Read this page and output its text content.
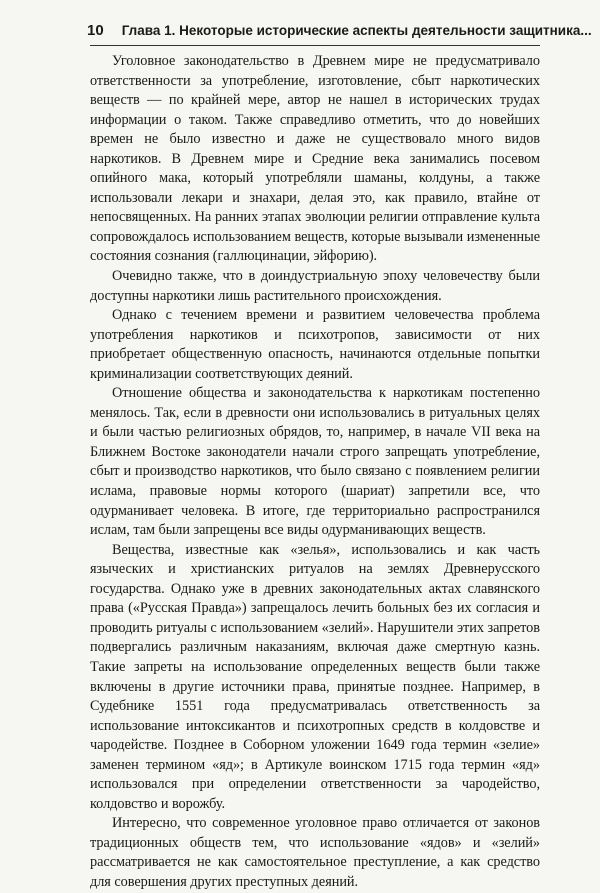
10 Глава 1. Некоторые исторические аспекты деятельности защитника...

Уголовное законодательство в Древнем мире не предусматривало ответственности за употребление, изготовление, сбыт наркотических веществ — по крайней мере, автор не нашел в исторических трудах информации о таком. Также справедливо отметить, что до новейших времен не было известно и даже не существовало много видов наркотиков. В Древнем мире и Средние века занимались посевом опийного мака, который употребляли шаманы, колдуны, а также использовали лекари и знахари, делая это, как правило, втайне от непосвященных. На ранних этапах эволюции религии отправление культа сопровождалось использованием веществ, которые вызывали измененные состояния сознания (галлюцинации, эйфорию).

Очевидно также, что в доиндустриальную эпоху человечеству были доступны наркотики лишь растительного происхождения.

Однако с течением времени и развитием человечества проблема употребления наркотиков и психотропов, зависимости от них приобретает общественную опасность, начинаются отдельные попытки криминализации соответствующих деяний.

Отношение общества и законодательства к наркотикам постепенно менялось. Так, если в древности они использовались в ритуальных целях и были частью религиозных обрядов, то, например, в начале VII века на Ближнем Востоке законодатели начали строго запрещать употребление, сбыт и производство наркотиков, что было связано с появлением религии ислама, правовые нормы которого (шариат) запретили все, что одурманивает человека. В итоге, где территориально распространился ислам, там были запрещены все виды одурманивающих веществ.

Вещества, известные как «зелья», использовались и как часть языческих и христианских ритуалов на землях Древнерусского государства. Однако уже в древних законодательных актах славянского права («Русская Правда») запрещалось лечить больных без их согласия и проводить ритуалы с использованием «зелий». Нарушители этих запретов подвергались различным наказаниям, включая даже смертную казнь. Такие запреты на использование определенных веществ были также включены в другие источники права, принятые позднее. Например, в Судебнике 1551 года предусматривалась ответственность за использование интоксикантов и психотропных средств в колдовстве и чародействе. Позднее в Соборном уложении 1649 года термин «зелие» заменен термином «яд»; в Артикуле воинском 1715 года термин «яд» использовался при определении ответственности за чародейство, колдовство и ворожбу.

Интересно, что современное уголовное право отличается от законов традиционных обществ тем, что использование «ядов» и «зелий» рассматривается не как самостоятельное преступление, а как средство для совершения других преступных деяний.
